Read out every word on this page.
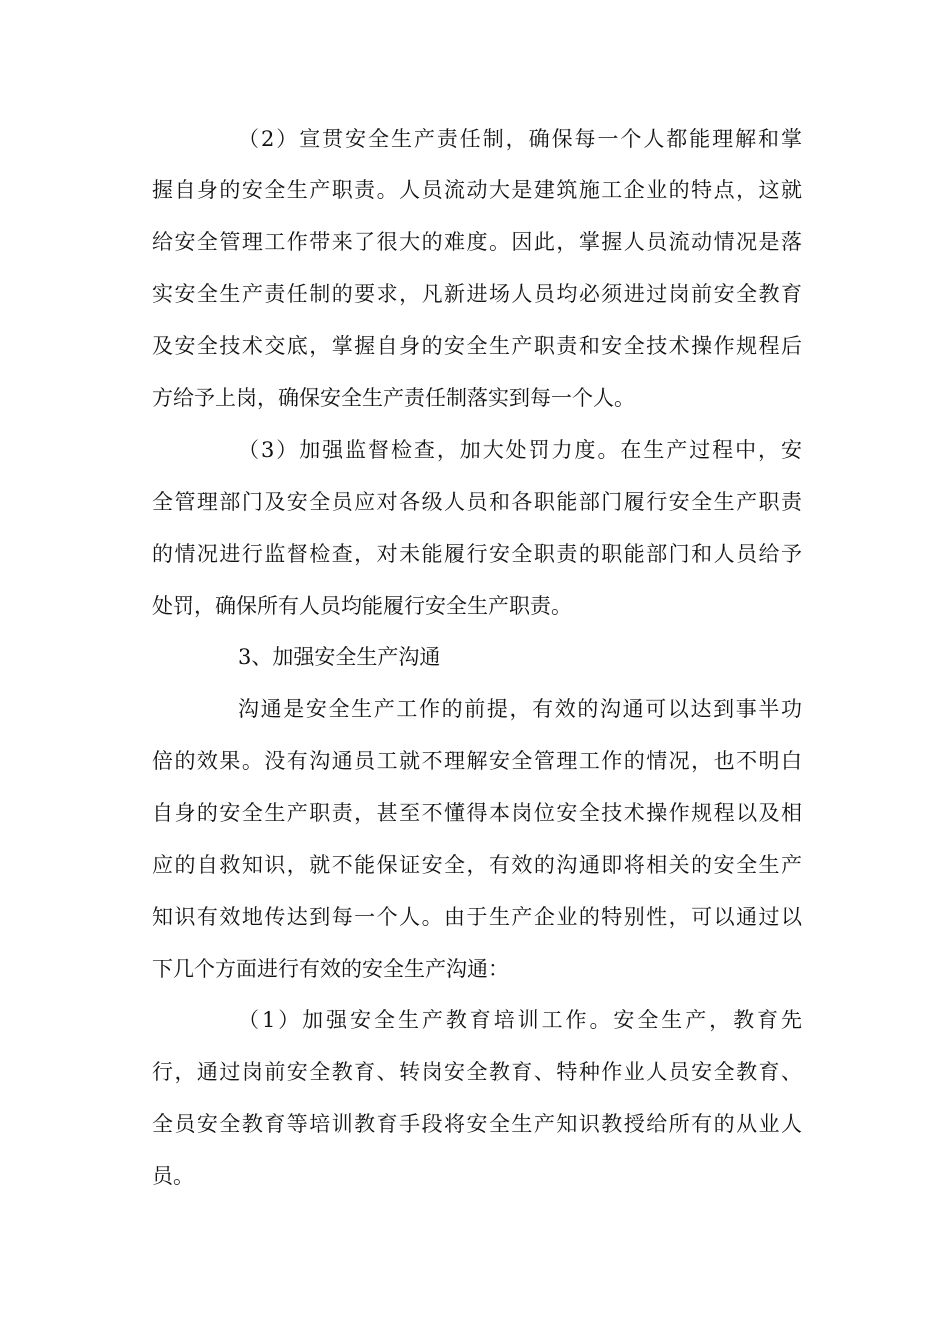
（2）宣贯安全生产责任制，确保每一个人都能理解和掌
握自身的安全生产职责。人员流动大是建筑施工企业的特点，这就
给安全管理工作带来了很大的难度。因此，掌握人员流动情况是落
实安全生产责任制的要求，凡新进场人员均必须进过岗前安全教育
及安全技术交底，掌握自身的安全生产职责和安全技术操作规程后
方给予上岗，确保安全生产责任制落实到每一个人。
（3）加强监督检查，加大处罚力度。在生产过程中，安
全管理部门及安全员应对各级人员和各职能部门履行安全生产职责
的情况进行监督检查，对未能履行安全职责的职能部门和人员给予
处罚，确保所有人员均能履行安全生产职责。
3、加强安全生产沟通
沟通是安全生产工作的前提，有效的沟通可以达到事半功
倍的效果。没有沟通员工就不理解安全管理工作的情况，也不明白
自身的安全生产职责，甚至不懂得本岗位安全技术操作规程以及相
应的自救知识，就不能保证安全，有效的沟通即将相关的安全生产
知识有效地传达到每一个人。由于生产企业的特别性，可以通过以
下几个方面进行有效的安全生产沟通：
（1）加强安全生产教育培训工作。安全生产，教育先
行，通过岗前安全教育、转岗安全教育、特种作业人员安全教育、
全员安全教育等培训教育手段将安全生产知识教授给所有的从业人
员。
